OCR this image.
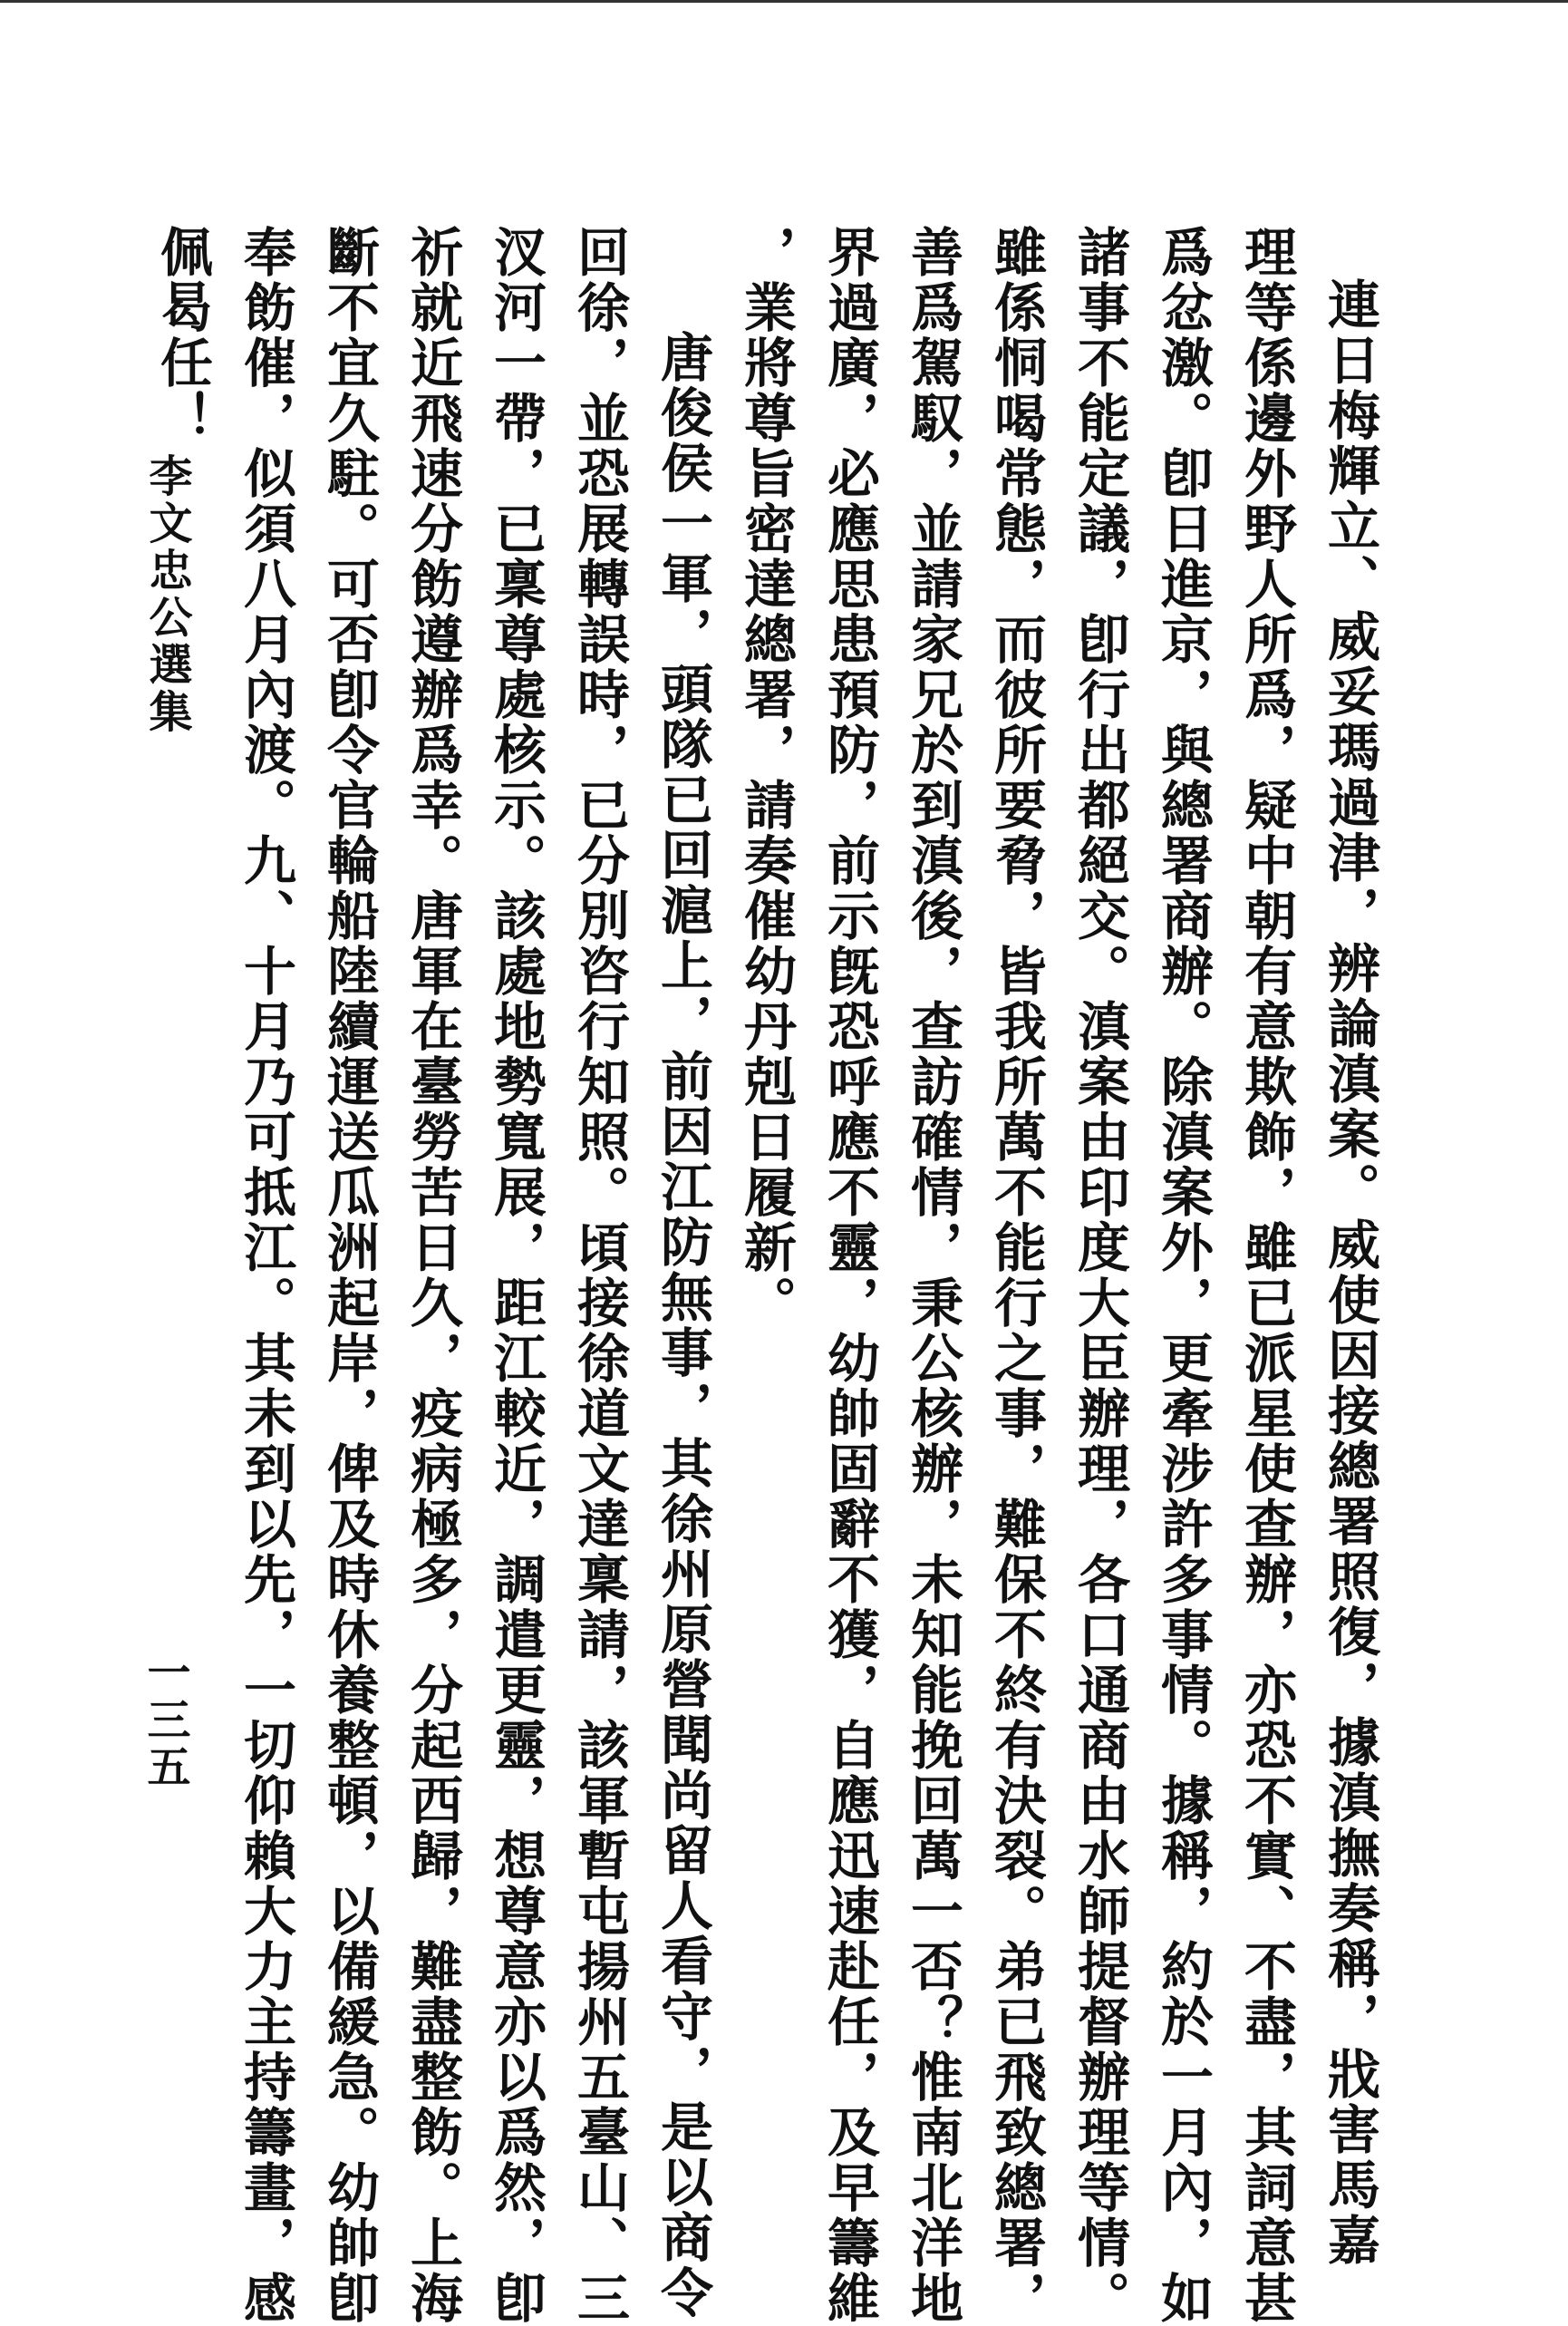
連日梅輝立、威妥瑪過津，辨論滇案。威使因接總署照復，據滇撫奏稱，戕害馬嘉

理等係邊外野人所爲，疑中朝有意欺飾，雖已派星使查辦，亦恐不實、不盡，其詞意甚

爲忿激。卽日進京，與總署商辦。除滇案外，更牽涉許多事情。據稱，約於一月內，如

諸事不能定議，卽行出都絕交。滇案由印度大臣辦理，各口通商由水師提督辦理等情。

雖係恫喝常態，而彼所要脅，皆我所萬不能行之事，難保不終有決裂。弟已飛致總署，

善爲駕馭，並請家兄於到滇後，查訪確情，秉公核辦，未知能挽回萬一否？惟南北洋地

界過廣，必應思患預防，前示旣恐呼應不靈，幼帥固辭不獲，自應迅速赴任，及早籌維

，業將尊旨密達總署，請奏催幼丹剋日履新。

唐俊侯一軍，頭隊已回滬上，前因江防無事，其徐州原營聞尚留人看守，是以商令

回徐，並恐展轉誤時，已分別咨行知照。頃接徐道文達稟請，該軍暫屯揚州五臺山、三

汊河一帶，已稟尊處核示。該處地勢寬展，距江較近，調遣更靈，想尊意亦以爲然，卽

祈就近飛速分飭遵辦爲幸。唐軍在臺勞苦日久，疫病極多，分起西歸，難盡整飭。上海

斷不宜久駐。可否卽令官輪船陸續運送瓜洲起岸，俾及時休養整頓，以備緩急。幼帥卽

奉飭催，似須八月內渡。九、十月乃可抵江。其未到以先，一切仰賴大力主持籌畫，感

佩曷任！

李文忠公選集
一三五
